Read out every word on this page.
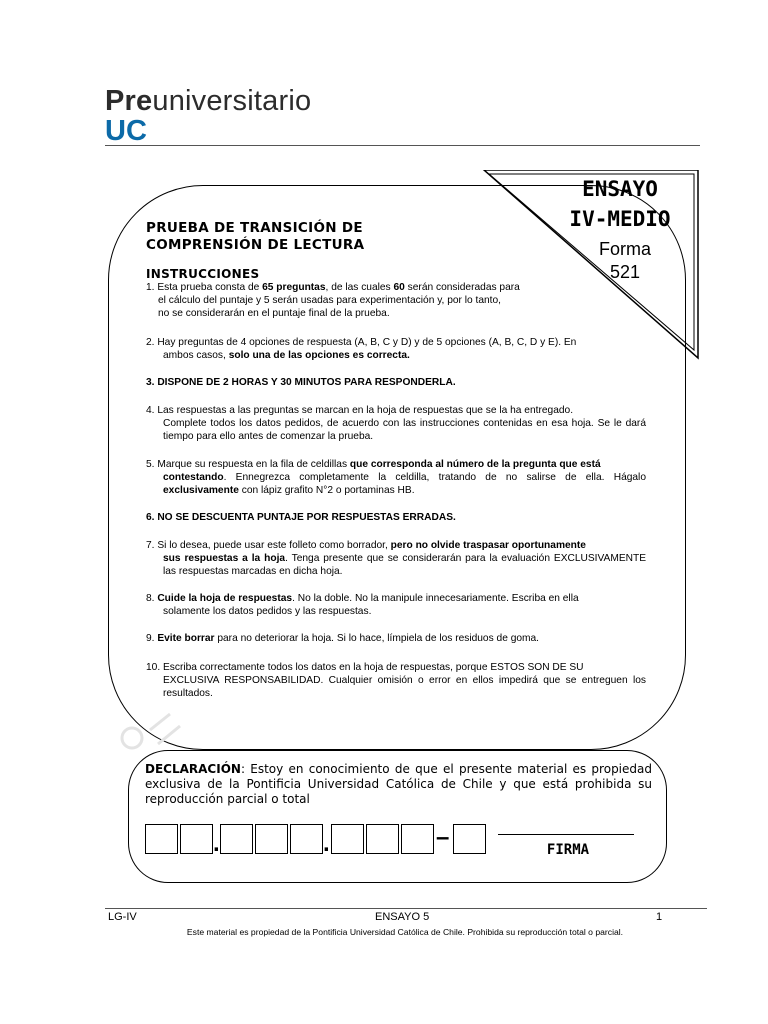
Preuniversitario
UC
ENSAYO
IV-MEDIO
Forma
521
PRUEBA DE TRANSICIÓN DE
COMPRENSIÓN DE LECTURA
INSTRUCCIONES
1. Esta prueba consta de 65 preguntas, de las cuales 60 serán consideradas para
el cálculo del puntaje y 5 serán usadas para experimentación y, por lo tanto,
no se considerarán en el puntaje final de la prueba.
2. Hay preguntas de 4 opciones de respuesta (A, B, C y D) y de 5 opciones (A, B, C, D y E). En
ambos casos, solo una de las opciones es correcta.
3. DISPONE DE 2 HORAS Y 30 MINUTOS PARA RESPONDERLA.
4. Las respuestas a las preguntas se marcan en la hoja de respuestas que se la ha entregado.
Complete todos los datos pedidos, de acuerdo con las instrucciones contenidas en esa hoja. Se le dará tiempo para ello antes de comenzar la prueba.
5. Marque su respuesta en la fila de celdillas que corresponda al número de la pregunta que está
contestando. Ennegrezca completamente la celdilla, tratando de no salirse de ella. Hágalo exclusivamente con lápiz grafito N°2 o portaminas HB.
6. NO SE DESCUENTA PUNTAJE POR RESPUESTAS ERRADAS.
7. Si lo desea, puede usar este folleto como borrador, pero no olvide traspasar oportunamente
sus respuestas a la hoja. Tenga presente que se considerarán para la evaluación EXCLUSIVAMENTE las respuestas marcadas en dicha hoja.
8. Cuide la hoja de respuestas. No la doble. No la manipule innecesariamente. Escriba en ella
solamente los datos pedidos y las respuestas.
9. Evite borrar para no deteriorar la hoja. Si lo hace, límpiela de los residuos de goma.
10. Escriba correctamente todos los datos en la hoja de respuestas, porque ESTOS SON DE SU
EXCLUSIVA RESPONSABILIDAD. Cualquier omisión o error en ellos impedirá que se entreguen los resultados.
DECLARACIÓN: Estoy en conocimiento de que el presente material es propiedad exclusiva de la Pontificia Universidad Católica de Chile y que está prohibida su reproducción parcial o total
.	.	–	FIRMA
LG-IV	ENSAYO 5	1
Este material es propiedad de la Pontificia Universidad Católica de Chile. Prohibida su reproducción total o parcial.
